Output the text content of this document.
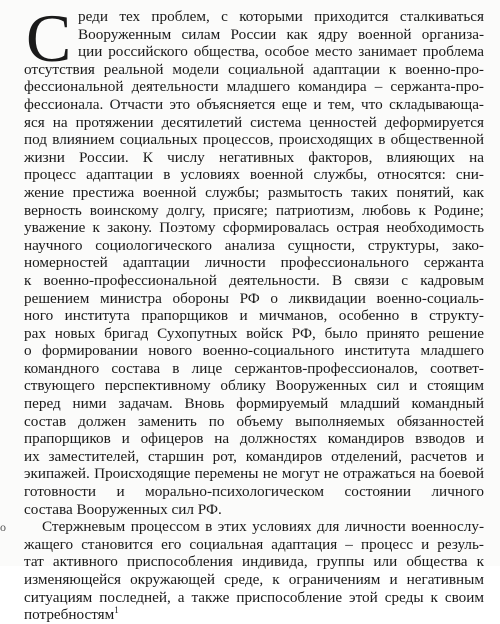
С реди тех проблем, с которыми приходится сталкиваться
Вооруженным силам России как ядру военной организа-
ции российского общества, особое место занимает проблема
отсутствия реальной модели социальной адаптации к военно-про-
фессиональной деятельности младшего командира – сержанта-про-
фессионала. Отчасти это объясняется еще и тем, что складывающа-
яся на протяжении десятилетий система ценностей деформируется
под влиянием социальных процессов, происходящих в общественной
жизни России. К числу негативных факторов, влияющих на
процесс адаптации в условиях военной службы, относятся: сни-
жение престижа военной службы; размытость таких понятий, как
верность воинскому долгу, присяге; патриотизм, любовь к Родине;
уважение к закону. Поэтому сформировалась острая необходимость
научного социологического анализа сущности, структуры, зако-
номерностей адаптации личности профессионального сержанта
к военно-профессиональной деятельности. В связи с кадровым
решением министра обороны РФ о ликвидации военно-социаль-
ного института прапорщиков и мичманов, особенно в структу-
рах новых бригад Сухопутных войск РФ, было принято решение
о формировании нового военно-социального института младшего
командного состава в лице сержантов-профессионалов, соответ-
ствующего перспективному облику Вооруженных сил и стоящим
перед ними задачам. Вновь формируемый младший командный
состав должен заменить по объему выполняемых обязанностей
прапорщиков и офицеров на должностях командиров взводов и
их заместителей, старшин рот, командиров отделений, расчетов и
экипажей. Происходящие перемены не могут не отражаться на боевой
готовности и морально-психологическом состоянии личного
состава Вооруженных сил РФ.
Стержневым процессом в этих условиях для личности военнослу-
жащего становится его социальная адаптация – процесс и резуль-
тат активного приспособления индивида, группы или общества к
изменяющейся окружающей среде, к ограничениям и негативным
ситуациям последней, а также приспособление этой среды к своим
потребностям$^1$
о
